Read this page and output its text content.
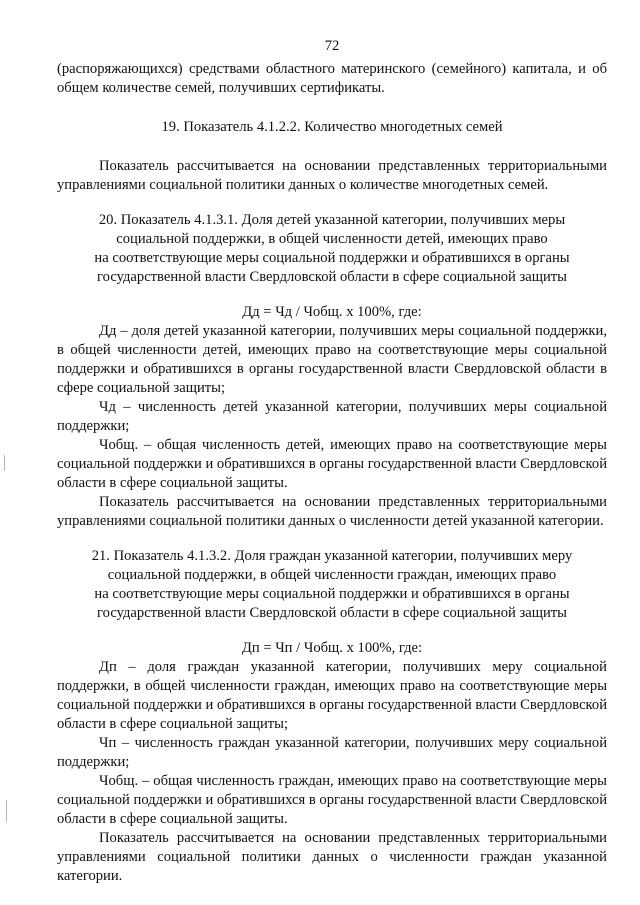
72

(распоряжающихся) средствами областного материнского (семейного) капитала, и об общем количестве семей, получивших сертификаты.

19. Показатель 4.1.2.2. Количество многодетных семей

Показатель рассчитывается на основании представленных территориальными управлениями социальной политики данных о количестве многодетных семей.

20. Показатель 4.1.3.1. Доля детей указанной категории, получивших меры

социальной поддержки, в общей численности детей, имеющих право

на соответствующие меры социальной поддержки и обратившихся в органы

государственной власти Свердловской области в сфере социальной защиты

Дд = Чд / Чобщ. х 100%, где:

Дд – доля детей указанной категории, получивших меры социальной поддержки, в общей численности детей, имеющих право на соответствующие меры социальной поддержки и обратившихся в органы государственной власти Свердловской области в сфере социальной защиты;

Чд – численность детей указанной категории, получивших меры социальной поддержки;

Чобщ. – общая численность детей, имеющих право на соответствующие меры социальной поддержки и обратившихся в органы государственной власти Свердловской области в сфере социальной защиты.

Показатель рассчитывается на основании представленных территориальными управлениями социальной политики данных о численности детей указанной категории.

21. Показатель 4.1.3.2. Доля граждан указанной категории, получивших меру

социальной поддержки, в общей численности граждан, имеющих право

на соответствующие меры социальной поддержки и обратившихся в органы

государственной власти Свердловской области в сфере социальной защиты

Дп = Чп / Чобщ. х 100%, где:

Дп – доля граждан указанной категории, получивших меру социальной поддержки, в общей численности граждан, имеющих право на соответствующие меры социальной поддержки и обратившихся в органы государственной власти Свердловской области в сфере социальной защиты;

Чп – численность граждан указанной категории, получивших меру социальной поддержки;

Чобщ. – общая численность граждан, имеющих право на соответствующие меры социальной поддержки и обратившихся в органы государственной власти Свердловской области в сфере социальной защиты.

Показатель рассчитывается на основании представленных территориальными управлениями социальной политики данных о численности граждан указанной категории.
